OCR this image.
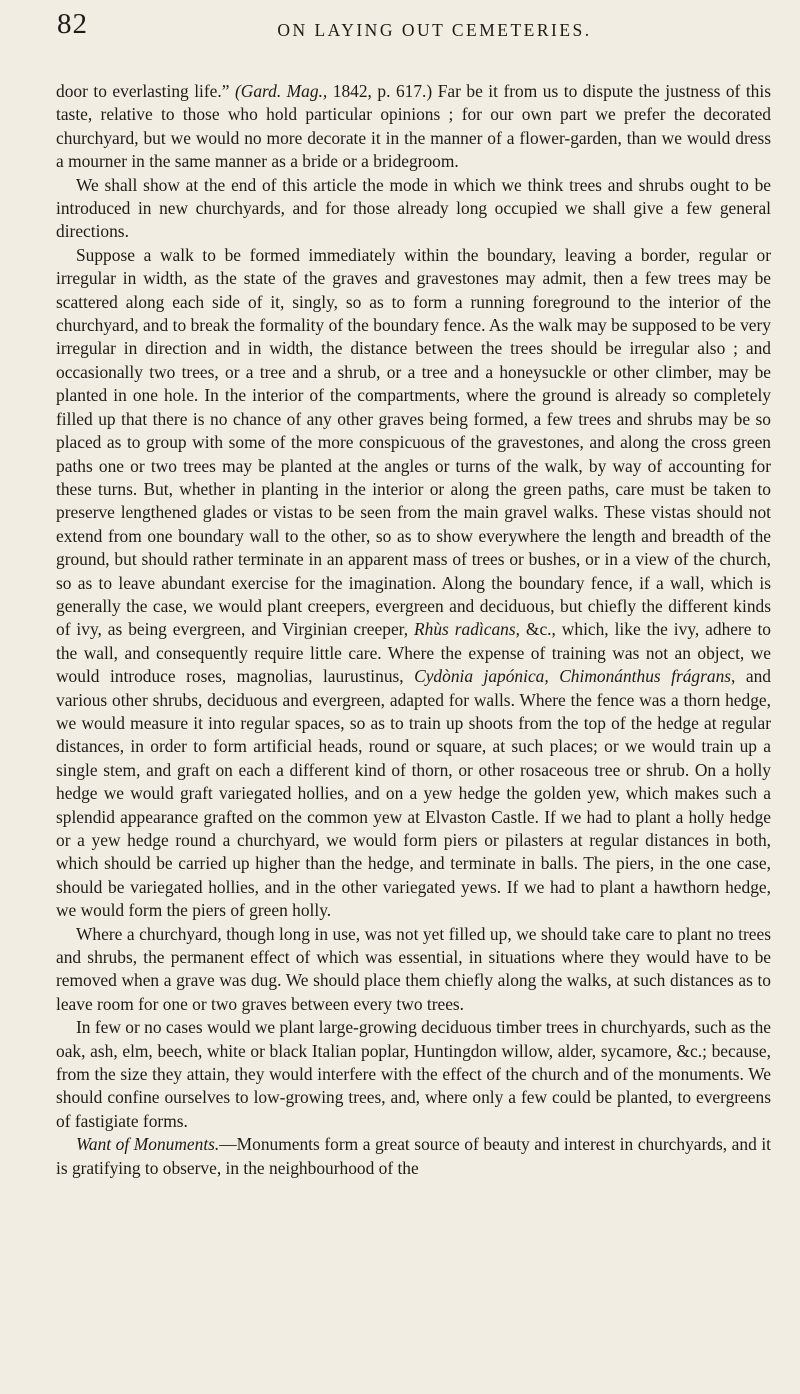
82	ON LAYING OUT CEMETERIES.

door to everlasting life.” (Gard. Mag., 1842, p. 617.) Far be it from us to dispute the justness of this taste, relative to those who hold particular opinions ; for our own part we prefer the decorated churchyard, but we would no more decorate it in the manner of a flower-garden, than we would dress a mourner in the same manner as a bride or a bridegroom.

We shall show at the end of this article the mode in which we think trees and shrubs ought to be introduced in new churchyards, and for those already long occupied we shall give a few general directions.

Suppose a walk to be formed immediately within the boundary, leaving a border, regular or irregular in width, as the state of the graves and gravestones may admit, then a few trees may be scattered along each side of it, singly, so as to form a running foreground to the interior of the churchyard, and to break the formality of the boundary fence. As the walk may be supposed to be very irregular in direction and in width, the distance between the trees should be irregular also ; and occasionally two trees, or a tree and a shrub, or a tree and a honeysuckle or other climber, may be planted in one hole. In the interior of the compartments, where the ground is already so completely filled up that there is no chance of any other graves being formed, a few trees and shrubs may be so placed as to group with some of the more conspicuous of the gravestones, and along the cross green paths one or two trees may be planted at the angles or turns of the walk, by way of accounting for these turns. But, whether in planting in the interior or along the green paths, care must be taken to preserve lengthened glades or vistas to be seen from the main gravel walks. These vistas should not extend from one boundary wall to the other, so as to show everywhere the length and breadth of the ground, but should rather terminate in an apparent mass of trees or bushes, or in a view of the church, so as to leave abundant exercise for the imagination. Along the boundary fence, if a wall, which is generally the case, we would plant creepers, evergreen and deciduous, but chiefly the different kinds of ivy, as being evergreen, and Virginian creeper, Rhùs radìcans, &c., which, like the ivy, adhere to the wall, and consequently require little care. Where the expense of training was not an object, we would introduce roses, magnolias, laurustinus, Cydònia japónica, Chimonánthus frágrans, and various other shrubs, deciduous and evergreen, adapted for walls. Where the fence was a thorn hedge, we would measure it into regular spaces, so as to train up shoots from the top of the hedge at regular distances, in order to form artificial heads, round or square, at such places; or we would train up a single stem, and graft on each a different kind of thorn, or other rosaceous tree or shrub. On a holly hedge we would graft variegated hollies, and on a yew hedge the golden yew, which makes such a splendid appearance grafted on the common yew at Elvaston Castle. If we had to plant a holly hedge or a yew hedge round a churchyard, we would form piers or pilasters at regular distances in both, which should be carried up higher than the hedge, and terminate in balls. The piers, in the one case, should be variegated hollies, and in the other variegated yews. If we had to plant a hawthorn hedge, we would form the piers of green holly.

Where a churchyard, though long in use, was not yet filled up, we should take care to plant no trees and shrubs, the permanent effect of which was essential, in situations where they would have to be removed when a grave was dug. We should place them chiefly along the walks, at such distances as to leave room for one or two graves between every two trees.

In few or no cases would we plant large-growing deciduous timber trees in churchyards, such as the oak, ash, elm, beech, white or black Italian poplar, Huntingdon willow, alder, sycamore, &c.; because, from the size they attain, they would interfere with the effect of the church and of the monuments. We should confine ourselves to low-growing trees, and, where only a few could be planted, to evergreens of fastigiate forms.

Want of Monuments.—Monuments form a great source of beauty and interest in churchyards, and it is gratifying to observe, in the neighbourhood of the
